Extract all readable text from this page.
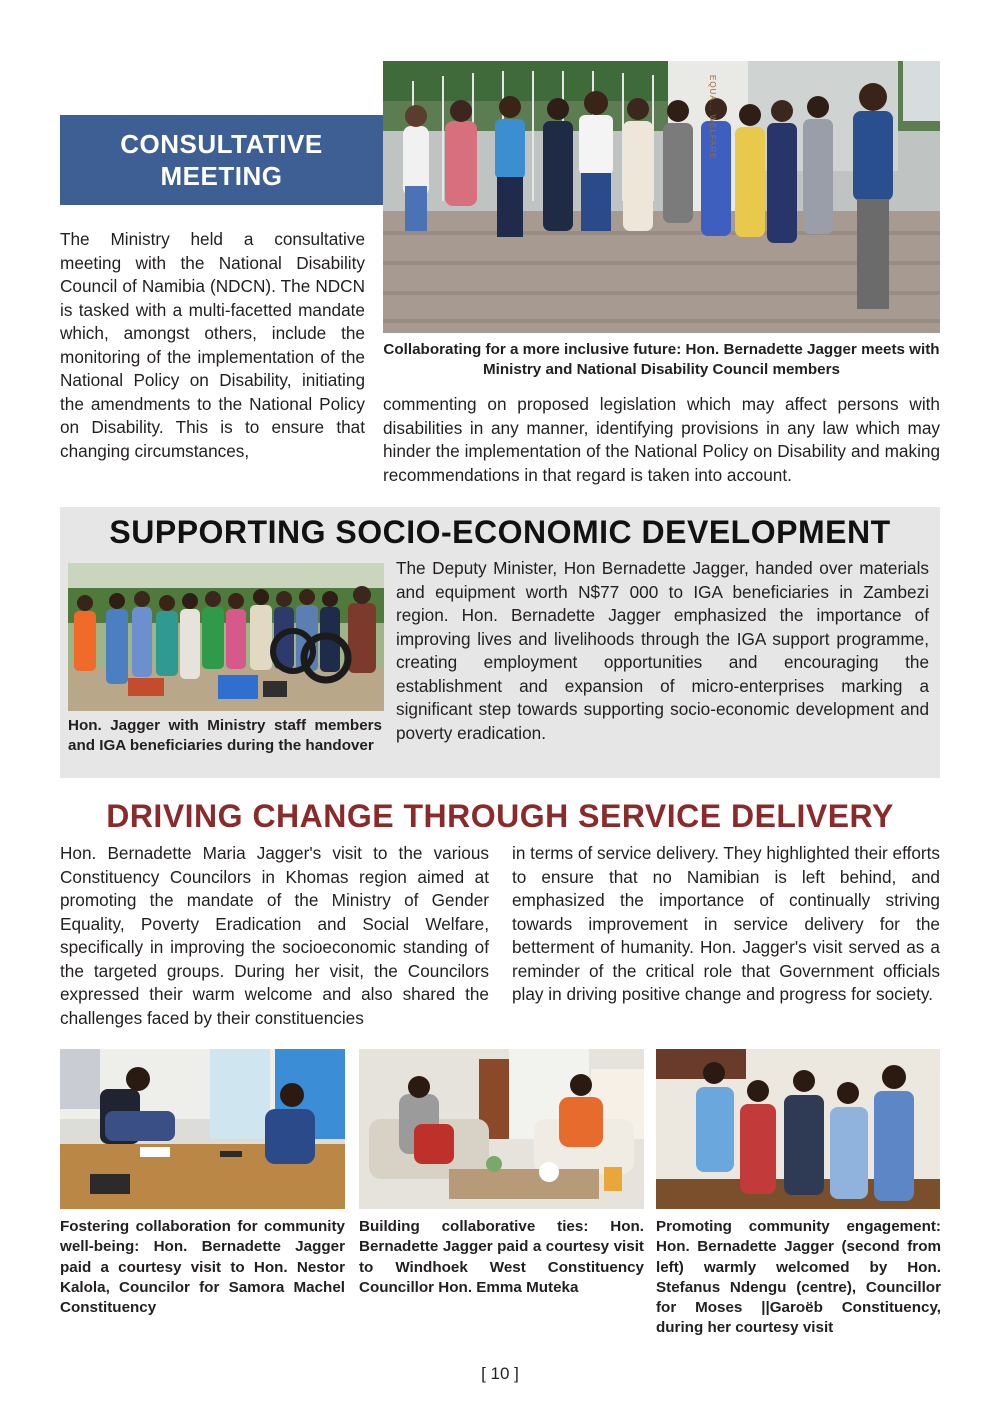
CONSULTATIVE
MEETING
EQUA... WELFARE
Collaborating for a more inclusive future: Hon. Bernadette Jagger meets with Ministry and National Disability Council members
The Ministry held a consultative meeting with the National Disability Council of Namibia (NDCN). The NDCN is tasked with a multi-facetted mandate which, amongst others, include the monitoring of the implementation of the National Policy on Disability, initiating the amendments to the National Policy on Disability. This is to ensure that changing circumstances,
commenting on proposed legislation which may affect persons with disabilities in any manner, identifying provisions in any law which may hinder the implementation of the National Policy on Disability and making recommendations in that regard is taken into account.
SUPPORTING SOCIO-ECONOMIC DEVELOPMENT
Hon. Jagger with Ministry staff members and IGA beneficiaries during the handover
The Deputy Minister, Hon Bernadette Jagger, handed over materials and equipment worth N$77 000 to IGA beneficiaries in Zambezi region. Hon. Bernadette Jagger emphasized the importance of improving lives and livelihoods through the IGA support programme, creating employment opportunities and encouraging the establishment and expansion of micro-enterprises marking a significant step towards supporting socio-economic development and poverty eradication.
DRIVING CHANGE THROUGH SERVICE DELIVERY
Hon. Bernadette Maria Jagger's visit to the various Constituency Councilors in Khomas region aimed at promoting the mandate of the Ministry of Gender Equality, Poverty Eradication and Social Welfare, specifically in improving the socioeconomic standing of the targeted groups. During her visit, the Councilors expressed their warm welcome and also shared the challenges faced by their constituencies
in terms of service delivery. They highlighted their efforts to ensure that no Namibian is left behind, and emphasized the importance of continually striving towards improvement in service delivery for the betterment of humanity. Hon. Jagger's visit served as a reminder of the critical role that Government officials play in driving positive change and progress for society.
Fostering collaboration for community well-being: Hon. Bernadette Jagger paid a courtesy visit to Hon. Nestor Kalola, Councilor for Samora Machel Constituency
Building collaborative ties: Hon. Bernadette Jagger paid a courtesy visit to Windhoek West Constituency Councillor Hon. Emma Muteka
Promoting community engagement: Hon. Bernadette Jagger (second from left) warmly welcomed by Hon. Stefanus Ndengu (centre), Councillor for Moses ||Garoëb Constituency, during her courtesy visit
[ 10 ]
